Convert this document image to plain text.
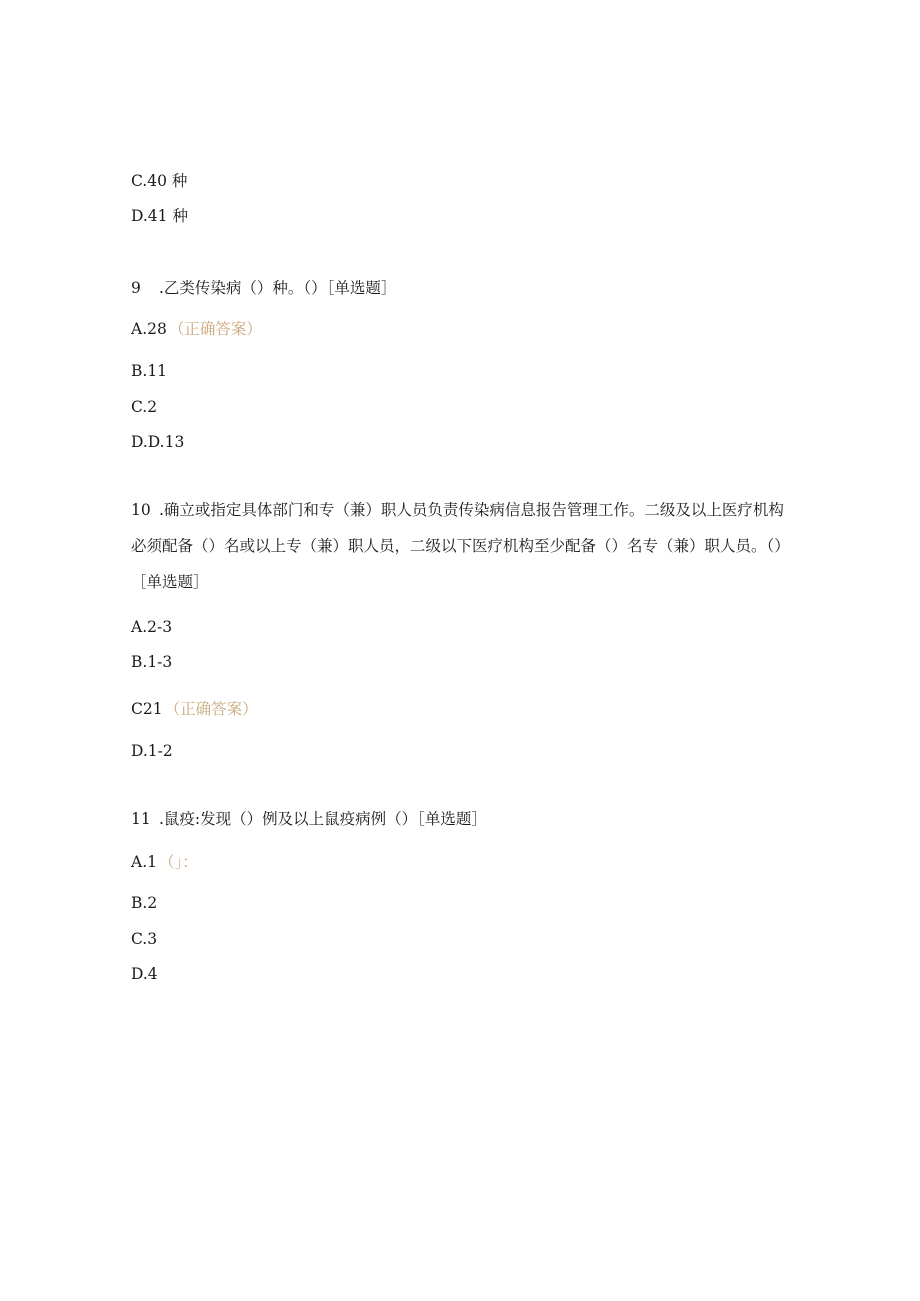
C.40 种
D.41 种
9 .乙类传染病（）种。（）［单选题］
A.28 （正确答案）
B.11
C.2
D.D.13
10 .确立或指定具体部门和专（兼）职人员负责传染病信息报告管理工作。二级及以上医疗机构必须配备（）名或以上专（兼）职人员，二级以下医疗机构至少配备（）名专（兼）职人员。（）［单选题］
A.2-3
B.1-3
C21 （正确答案）
D.1-2
11 .鼠疫:发现（）例及以上鼠疫病例（）［单选题］
A.1 （」：
B.2
C.3
D.4
